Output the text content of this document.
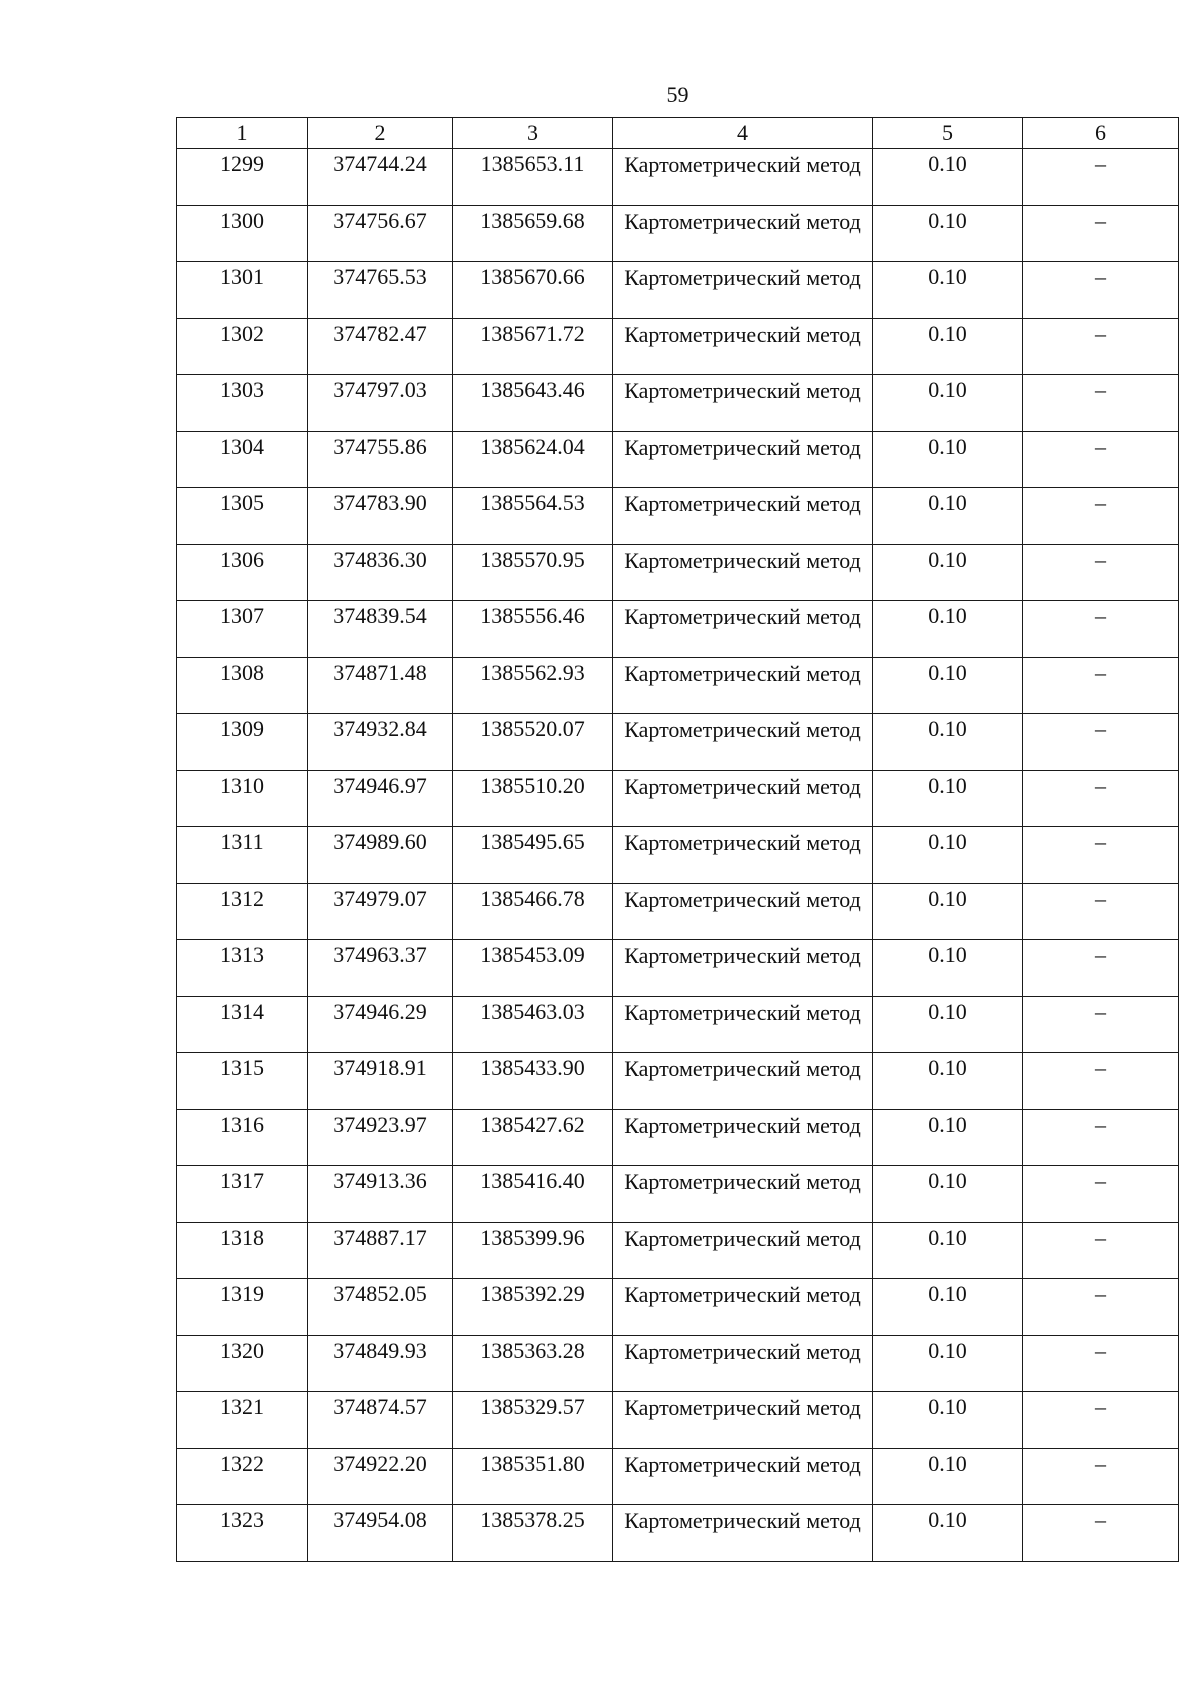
59
1	2	3	4	5	6
1299	374744.24	1385653.11	Картометрический метод	0.10	–
1300	374756.67	1385659.68	Картометрический метод	0.10	–
1301	374765.53	1385670.66	Картометрический метод	0.10	–
1302	374782.47	1385671.72	Картометрический метод	0.10	–
1303	374797.03	1385643.46	Картометрический метод	0.10	–
1304	374755.86	1385624.04	Картометрический метод	0.10	–
1305	374783.90	1385564.53	Картометрический метод	0.10	–
1306	374836.30	1385570.95	Картометрический метод	0.10	–
1307	374839.54	1385556.46	Картометрический метод	0.10	–
1308	374871.48	1385562.93	Картометрический метод	0.10	–
1309	374932.84	1385520.07	Картометрический метод	0.10	–
1310	374946.97	1385510.20	Картометрический метод	0.10	–
1311	374989.60	1385495.65	Картометрический метод	0.10	–
1312	374979.07	1385466.78	Картометрический метод	0.10	–
1313	374963.37	1385453.09	Картометрический метод	0.10	–
1314	374946.29	1385463.03	Картометрический метод	0.10	–
1315	374918.91	1385433.90	Картометрический метод	0.10	–
1316	374923.97	1385427.62	Картометрический метод	0.10	–
1317	374913.36	1385416.40	Картометрический метод	0.10	–
1318	374887.17	1385399.96	Картометрический метод	0.10	–
1319	374852.05	1385392.29	Картометрический метод	0.10	–
1320	374849.93	1385363.28	Картометрический метод	0.10	–
1321	374874.57	1385329.57	Картометрический метод	0.10	–
1322	374922.20	1385351.80	Картометрический метод	0.10	–
1323	374954.08	1385378.25	Картометрический метод	0.10	–
